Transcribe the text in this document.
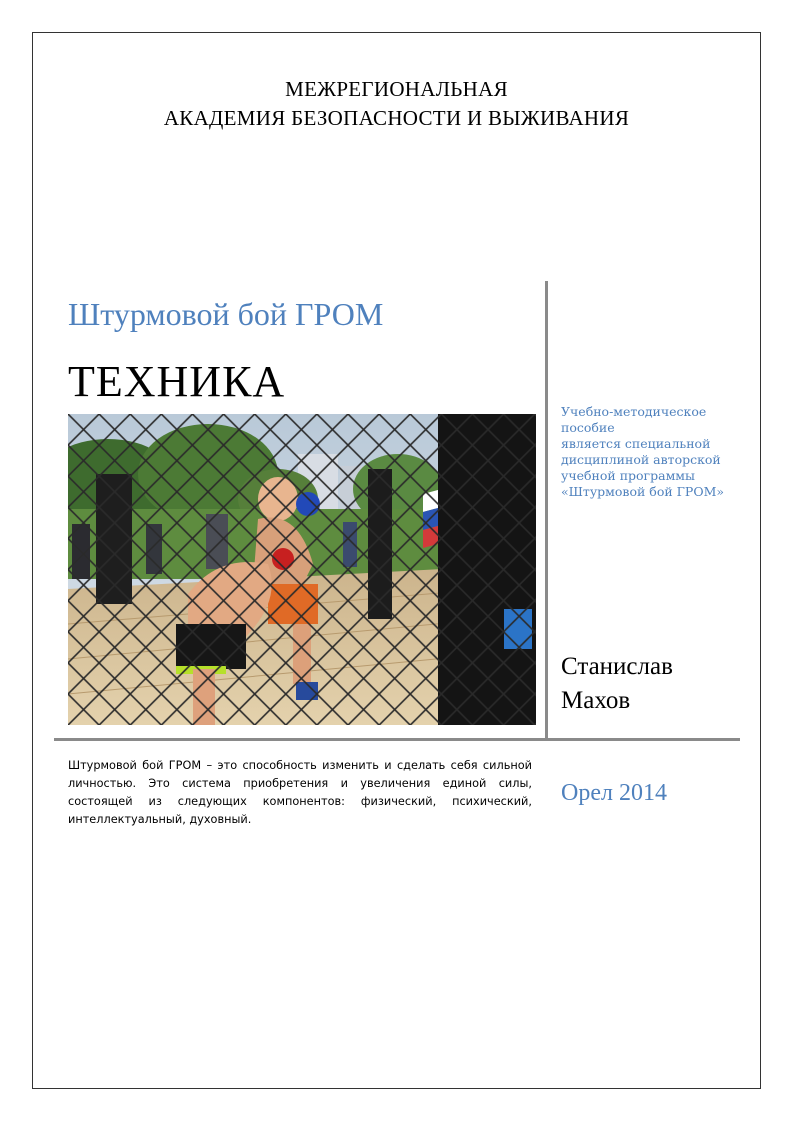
МЕЖРЕГИОНАЛЬНАЯ
АКАДЕМИЯ БЕЗОПАСНОСТИ И ВЫЖИВАНИЯ
Штурмовой бой ГРОМ
ТЕХНИКА
Учебно-методическое
пособие
является специальной
дисциплиной авторской
учебной программы
«Штурмовой бой ГРОМ»
Станислав
Махов
Штурмовой бой ГРОМ – это способность изменить и сделать себя сильной личностью. Это система приобретения и увеличения единой силы, состоящей из следующих компонентов: физический, психический, интеллектуальный, духовный.
Орел 2014
